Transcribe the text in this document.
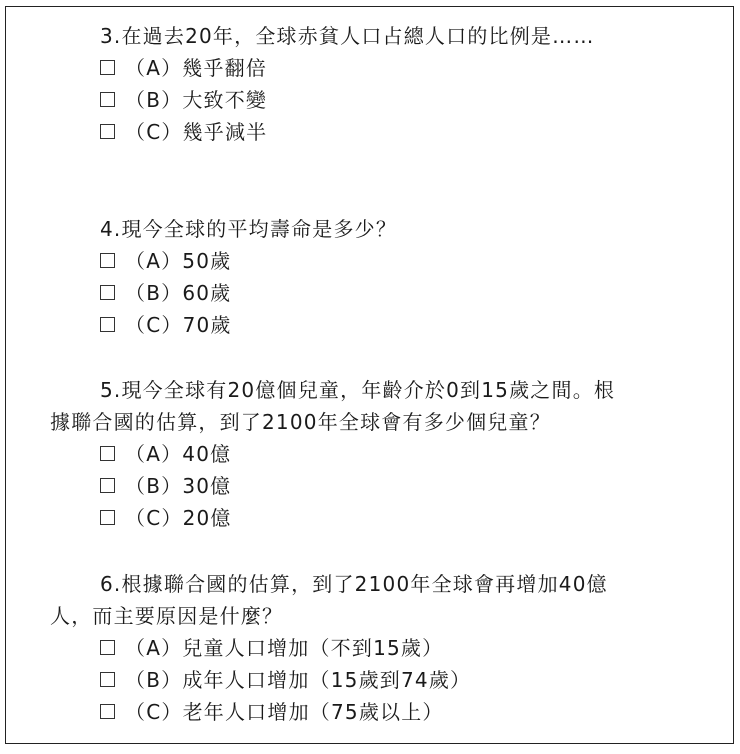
3.在過去20年，全球赤貧人口占總人口的比例是……
（A）幾乎翻倍
（B）大致不變
（C）幾乎減半
4.現今全球的平均壽命是多少？
（A）50歲
（B）60歲
（C）70歲
5.現今全球有20億個兒童，年齡介於0到15歲之間。根
據聯合國的估算，到了2100年全球會有多少個兒童？
（A）40億
（B）30億
（C）20億
6.根據聯合國的估算，到了2100年全球會再增加40億
人，而主要原因是什麼？
（A）兒童人口增加（不到15歲）
（B）成年人口增加（15歲到74歲）
（C）老年人口增加（75歲以上）
